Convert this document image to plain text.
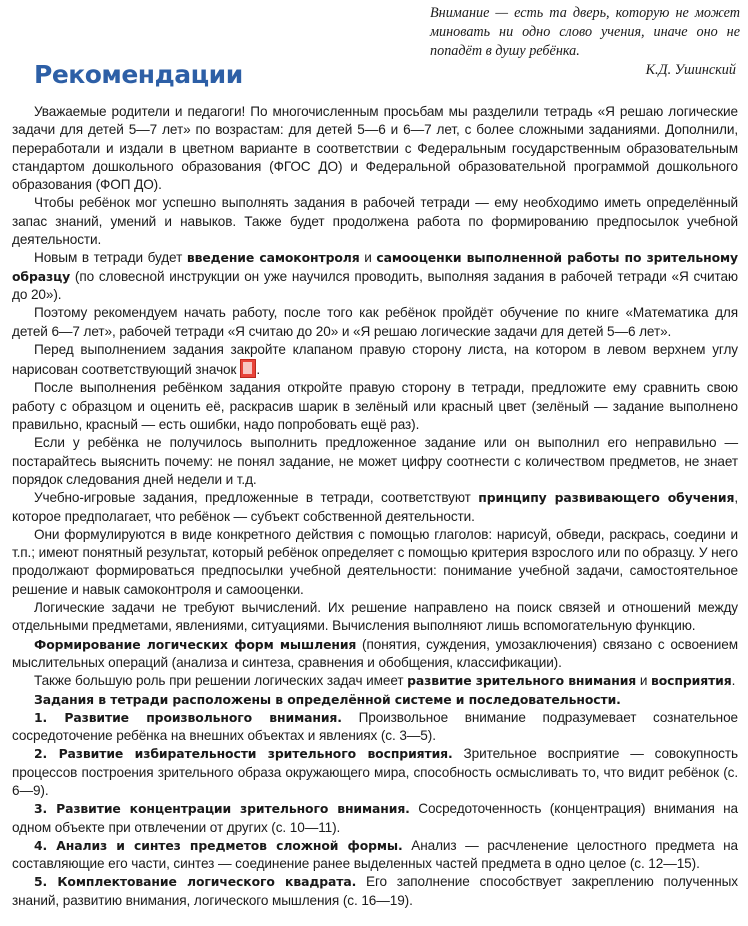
Внимание — есть та дверь, которую не может миновать ни одно слово учения, иначе оно не попадёт в душу ребёнка.
К.Д. Ушинский
Рекомендации

Уважаемые родители и педагоги! По многочисленным просьбам мы разделили тетрадь «Я решаю логические задачи для детей 5—7 лет» по возрастам: для детей 5—6 и 6—7 лет, с более сложными заданиями. Дополнили, переработали и издали в цветном варианте в соответствии с Федеральным государственным образовательным стандартом дошкольного образования (ФГОС ДО) и Федеральной образовательной программой дошкольного образования (ФОП ДО).

Чтобы ребёнок мог успешно выполнять задания в рабочей тетради — ему необходимо иметь определённый запас знаний, умений и навыков. Также будет продолжена работа по формированию предпосылок учебной деятельности.

Новым в тетради будет введение самоконтроля и самооценки выполненной работы по зрительному образцу (по словесной инструкции он уже научился проводить, выполняя задания в рабочей тетради «Я считаю до 20»).

Поэтому рекомендуем начать работу, после того как ребёнок пройдёт обучение по книге «Математика для детей 6—7 лет», рабочей тетради «Я считаю до 20» и «Я решаю логические задачи для детей 5—6 лет».

Перед выполнением задания закройте клапаном правую сторону листа, на котором в левом верхнем углу нарисован соответствующий значок .

После выполнения ребёнком задания откройте правую сторону в тетради, предложите ему сравнить свою работу с образцом и оценить её, раскрасив шарик в зелёный или красный цвет (зелёный — задание выполнено правильно, красный — есть ошибки, надо попробовать ещё раз).

Если у ребёнка не получилось выполнить предложенное задание или он выполнил его неправильно — постарайтесь выяснить почему: не понял задание, не может цифру соотнести с количеством предметов, не знает порядок следования дней недели и т.д.

Учебно-игровые задания, предложенные в тетради, соответствуют принципу развивающего обучения, которое предполагает, что ребёнок — субъект собственной деятельности.

Они формулируются в виде конкретного действия с помощью глаголов: нарисуй, обведи, раскрась, соедини и т.п.; имеют понятный результат, который ребёнок определяет с помощью критерия взрослого или по образцу. У него продолжают формироваться предпосылки учебной деятельности: понимание учебной задачи, самостоятельное решение и навык самоконтроля и самооценки.

Логические задачи не требуют вычислений. Их решение направлено на поиск связей и отношений между отдельными предметами, явлениями, ситуациями. Вычисления выполняют лишь вспомогательную функцию.

Формирование логических форм мышления (понятия, суждения, умозаключения) связано с освоением мыслительных операций (анализа и синтеза, сравнения и обобщения, классификации).

Также большую роль при решении логических задач имеет развитие зрительного внимания и восприятия.

Задания в тетради расположены в определённой системе и последовательности.

1. Развитие произвольного внимания. Произвольное внимание подразумевает сознательное сосредоточение ребёнка на внешних объектах и явлениях (с. 3—5).

2. Развитие избирательности зрительного восприятия. Зрительное восприятие — совокупность процессов построения зрительного образа окружающего мира, способность осмысливать то, что видит ребёнок (с. 6—9).

3. Развитие концентрации зрительного внимания. Сосредоточенность (концентрация) внимания на одном объекте при отвлечении от других (с. 10—11).

4. Анализ и синтез предметов сложной формы. Анализ — расчленение целостного предмета на составляющие его части, синтез — соединение ранее выделенных частей предмета в одно целое (с. 12—15).

5. Комплектование логического квадрата. Его заполнение способствует закреплению полученных знаний, развитию внимания, логического мышления (с. 16—19).
